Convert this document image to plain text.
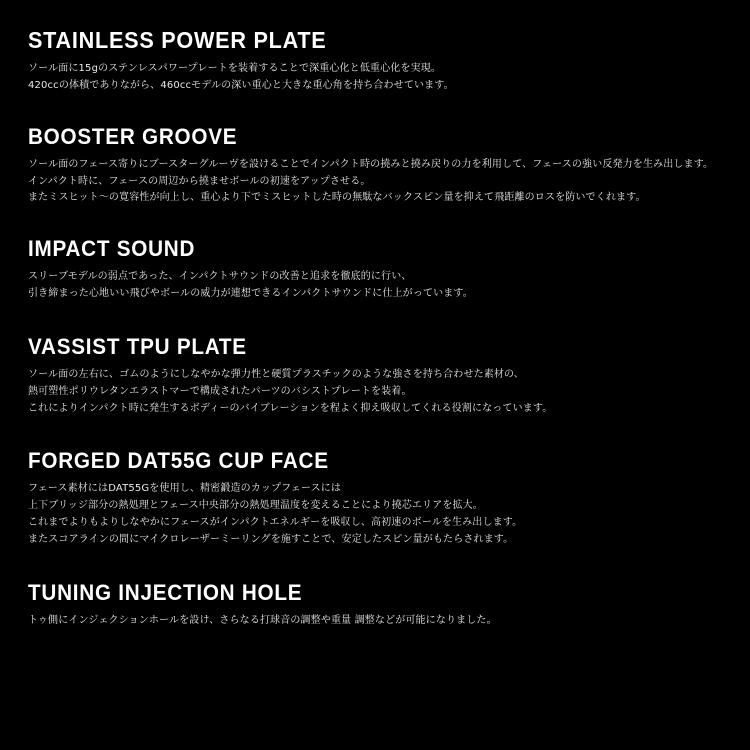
STAINLESS POWER PLATE
ソール面に15gのステンレスパワープレートを装着することで深重心化と低重心化を実現。
420ccの体積でありながら、460ccモデルの深い重心と大きな重心角を持ち合わせています。
BOOSTER GROOVE
ソール面のフェース寄りにブースターグルーヴを設けることでインパクト時の撓みと撓み戻りの力を利用して、フェースの強い反発力を生み出します。
インパクト時に、フェースの周辺から撓ませボールの初速をアップさせる。
またミスヒット〜の寛容性が向上し、重心より下でミスヒットした時の無駄なバックスピン量を抑えて飛距離のロスを防いでくれます。
IMPACT SOUND
スリーブモデルの弱点であった、インパクトサウンドの改善と追求を徹底的に行い、
引き締まった心地いい飛びやボールの威力が連想できるインパクトサウンドに仕上がっています。
VASSIST TPU PLATE
ソール面の左右に、ゴムのようにしなやかな弾力性と硬質プラスチックのような強さを持ち合わせた素材の、
熱可塑性ポリウレタンエラストマーで構成されたパーツのバシストプレートを装着。
これによりインパクト時に発生するボディーのバイブレーションを程よく抑え吸収してくれる役割になっています。
FORGED DAT55G CUP FACE
フェース素材にはDAT55Gを使用し、精密鍛造のカップフェースには
上下ブリッジ部分の熱処理とフェース中央部分の熱処理温度を変えることにより撓芯エリアを拡大。
これまでよりもよりしなやかにフェースがインパクトエネルギーを吸収し、高初速のボールを生み出します。
またスコアラインの間にマイクロレーザーミーリングを施すことで、安定したスピン量がもたらされます。
TUNING INJECTION HOLE
トゥ側にインジェクションホールを設け、さらなる打球音の調整や重量 調整などが可能になりました。
